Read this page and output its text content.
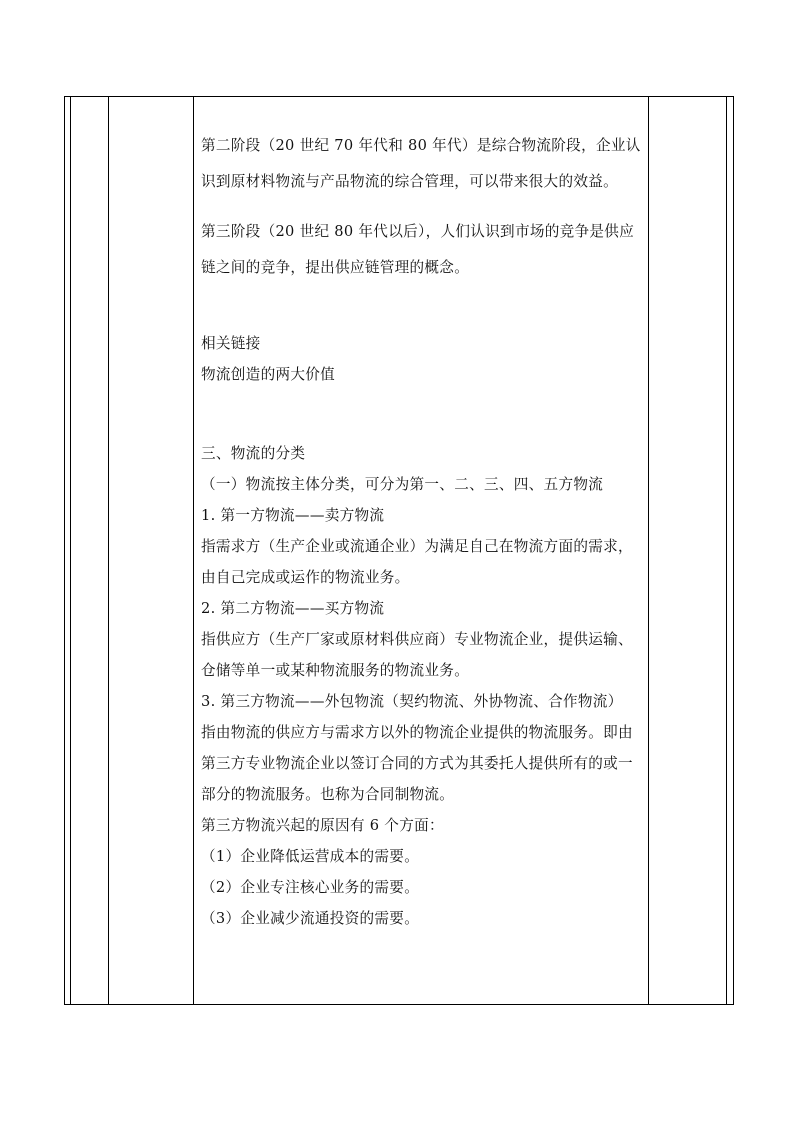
第二阶段（20 世纪 70 年代和 80 年代）是综合物流阶段，企业认识到原材料物流与产品物流的综合管理，可以带来很大的效益。

第三阶段（20 世纪 80 年代以后），人们认识到市场的竞争是供应链之间的竞争，提出供应链管理的概念。

相关链接

物流创造的两大价值

三、物流的分类

（一）物流按主体分类，可分为第一、二、三、四、五方物流

1. 第一方物流——卖方物流

指需求方（生产企业或流通企业）为满足自己在物流方面的需求，由自己完成或运作的物流业务。

2. 第二方物流——买方物流

指供应方（生产厂家或原材料供应商）专业物流企业，提供运输、仓储等单一或某种物流服务的物流业务。

3. 第三方物流——外包物流（契约物流、外协物流、合作物流）

指由物流的供应方与需求方以外的物流企业提供的物流服务。即由第三方专业物流企业以签订合同的方式为其委托人提供所有的或一部分的物流服务。也称为合同制物流。

第三方物流兴起的原因有 6 个方面：

（1）企业降低运营成本的需要。

（2）企业专注核心业务的需要。

（3）企业减少流通投资的需要。
